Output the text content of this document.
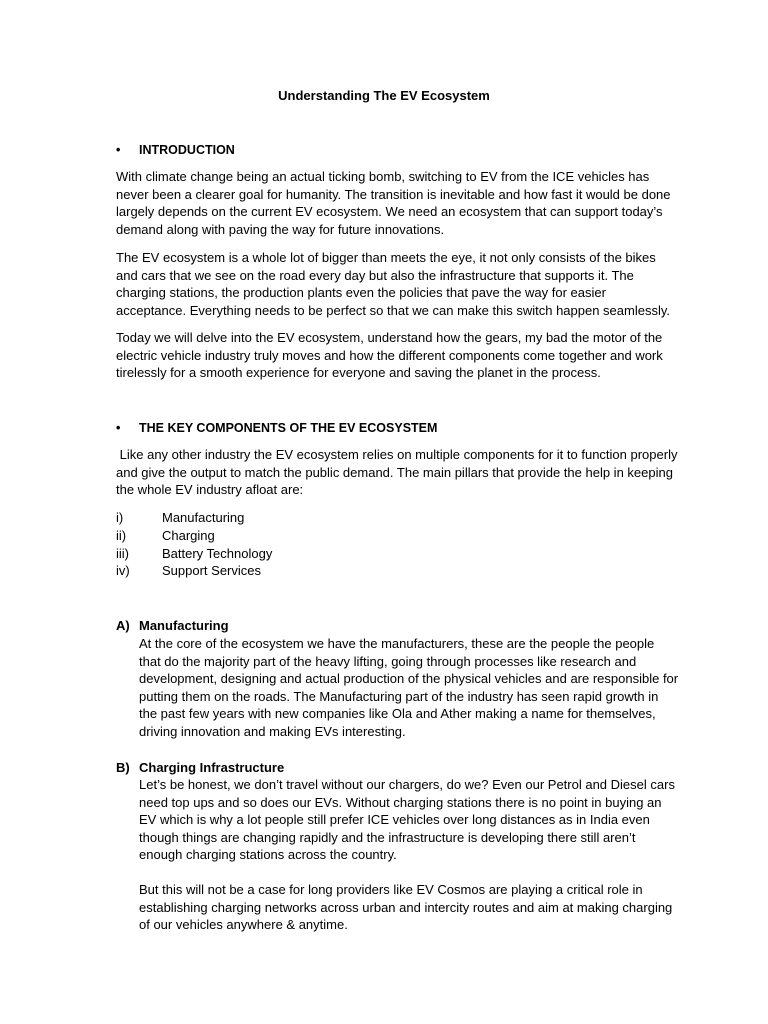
Understanding The EV Ecosystem
•	INTRODUCTION

With climate change being an actual ticking bomb, switching to EV from the ICE vehicles has never been a clearer goal for humanity. The transition is inevitable and how fast it would be done largely depends on the current EV ecosystem. We need an ecosystem that can support today’s demand along with paving the way for future innovations.

The EV ecosystem is a whole lot of bigger than meets the eye, it not only consists of the bikes and cars that we see on the road every day but also the infrastructure that supports it. The charging stations, the production plants even the policies that pave the way for easier acceptance. Everything needs to be perfect so that we can make this switch happen seamlessly.

Today we will delve into the EV ecosystem, understand how the gears, my bad the motor of the electric vehicle industry truly moves and how the different components come together and work tirelessly for a smooth experience for everyone and saving the planet in the process.

•	THE KEY COMPONENTS OF THE EV ECOSYSTEM

Like any other industry the EV ecosystem relies on multiple components for it to function properly and give the output to match the public demand. The main pillars that provide the help in keeping the whole EV industry afloat are:

i)	Manufacturing
ii)	Charging
iii)	Battery Technology
iv)	Support Services
A) Manufacturing

At the core of the ecosystem we have the manufacturers, these are the people the people that do the majority part of the heavy lifting, going through processes like research and development, designing and actual production of the physical vehicles and are responsible for putting them on the roads. The Manufacturing part of the industry has seen rapid growth in the past few years with new companies like Ola and Ather making a name for themselves, driving innovation and making EVs interesting.

B) Charging Infrastructure

Let’s be honest, we don’t travel without our chargers, do we? Even our Petrol and Diesel cars need top ups and so does our EVs. Without charging stations there is no point in buying an EV which is why a lot people still prefer ICE vehicles over long distances as in India even though things are changing rapidly and the infrastructure is developing there still aren’t enough charging stations across the country.

But this will not be a case for long providers like EV Cosmos are playing a critical role in establishing charging networks across urban and intercity routes and aim at making charging of our vehicles anywhere & anytime.
